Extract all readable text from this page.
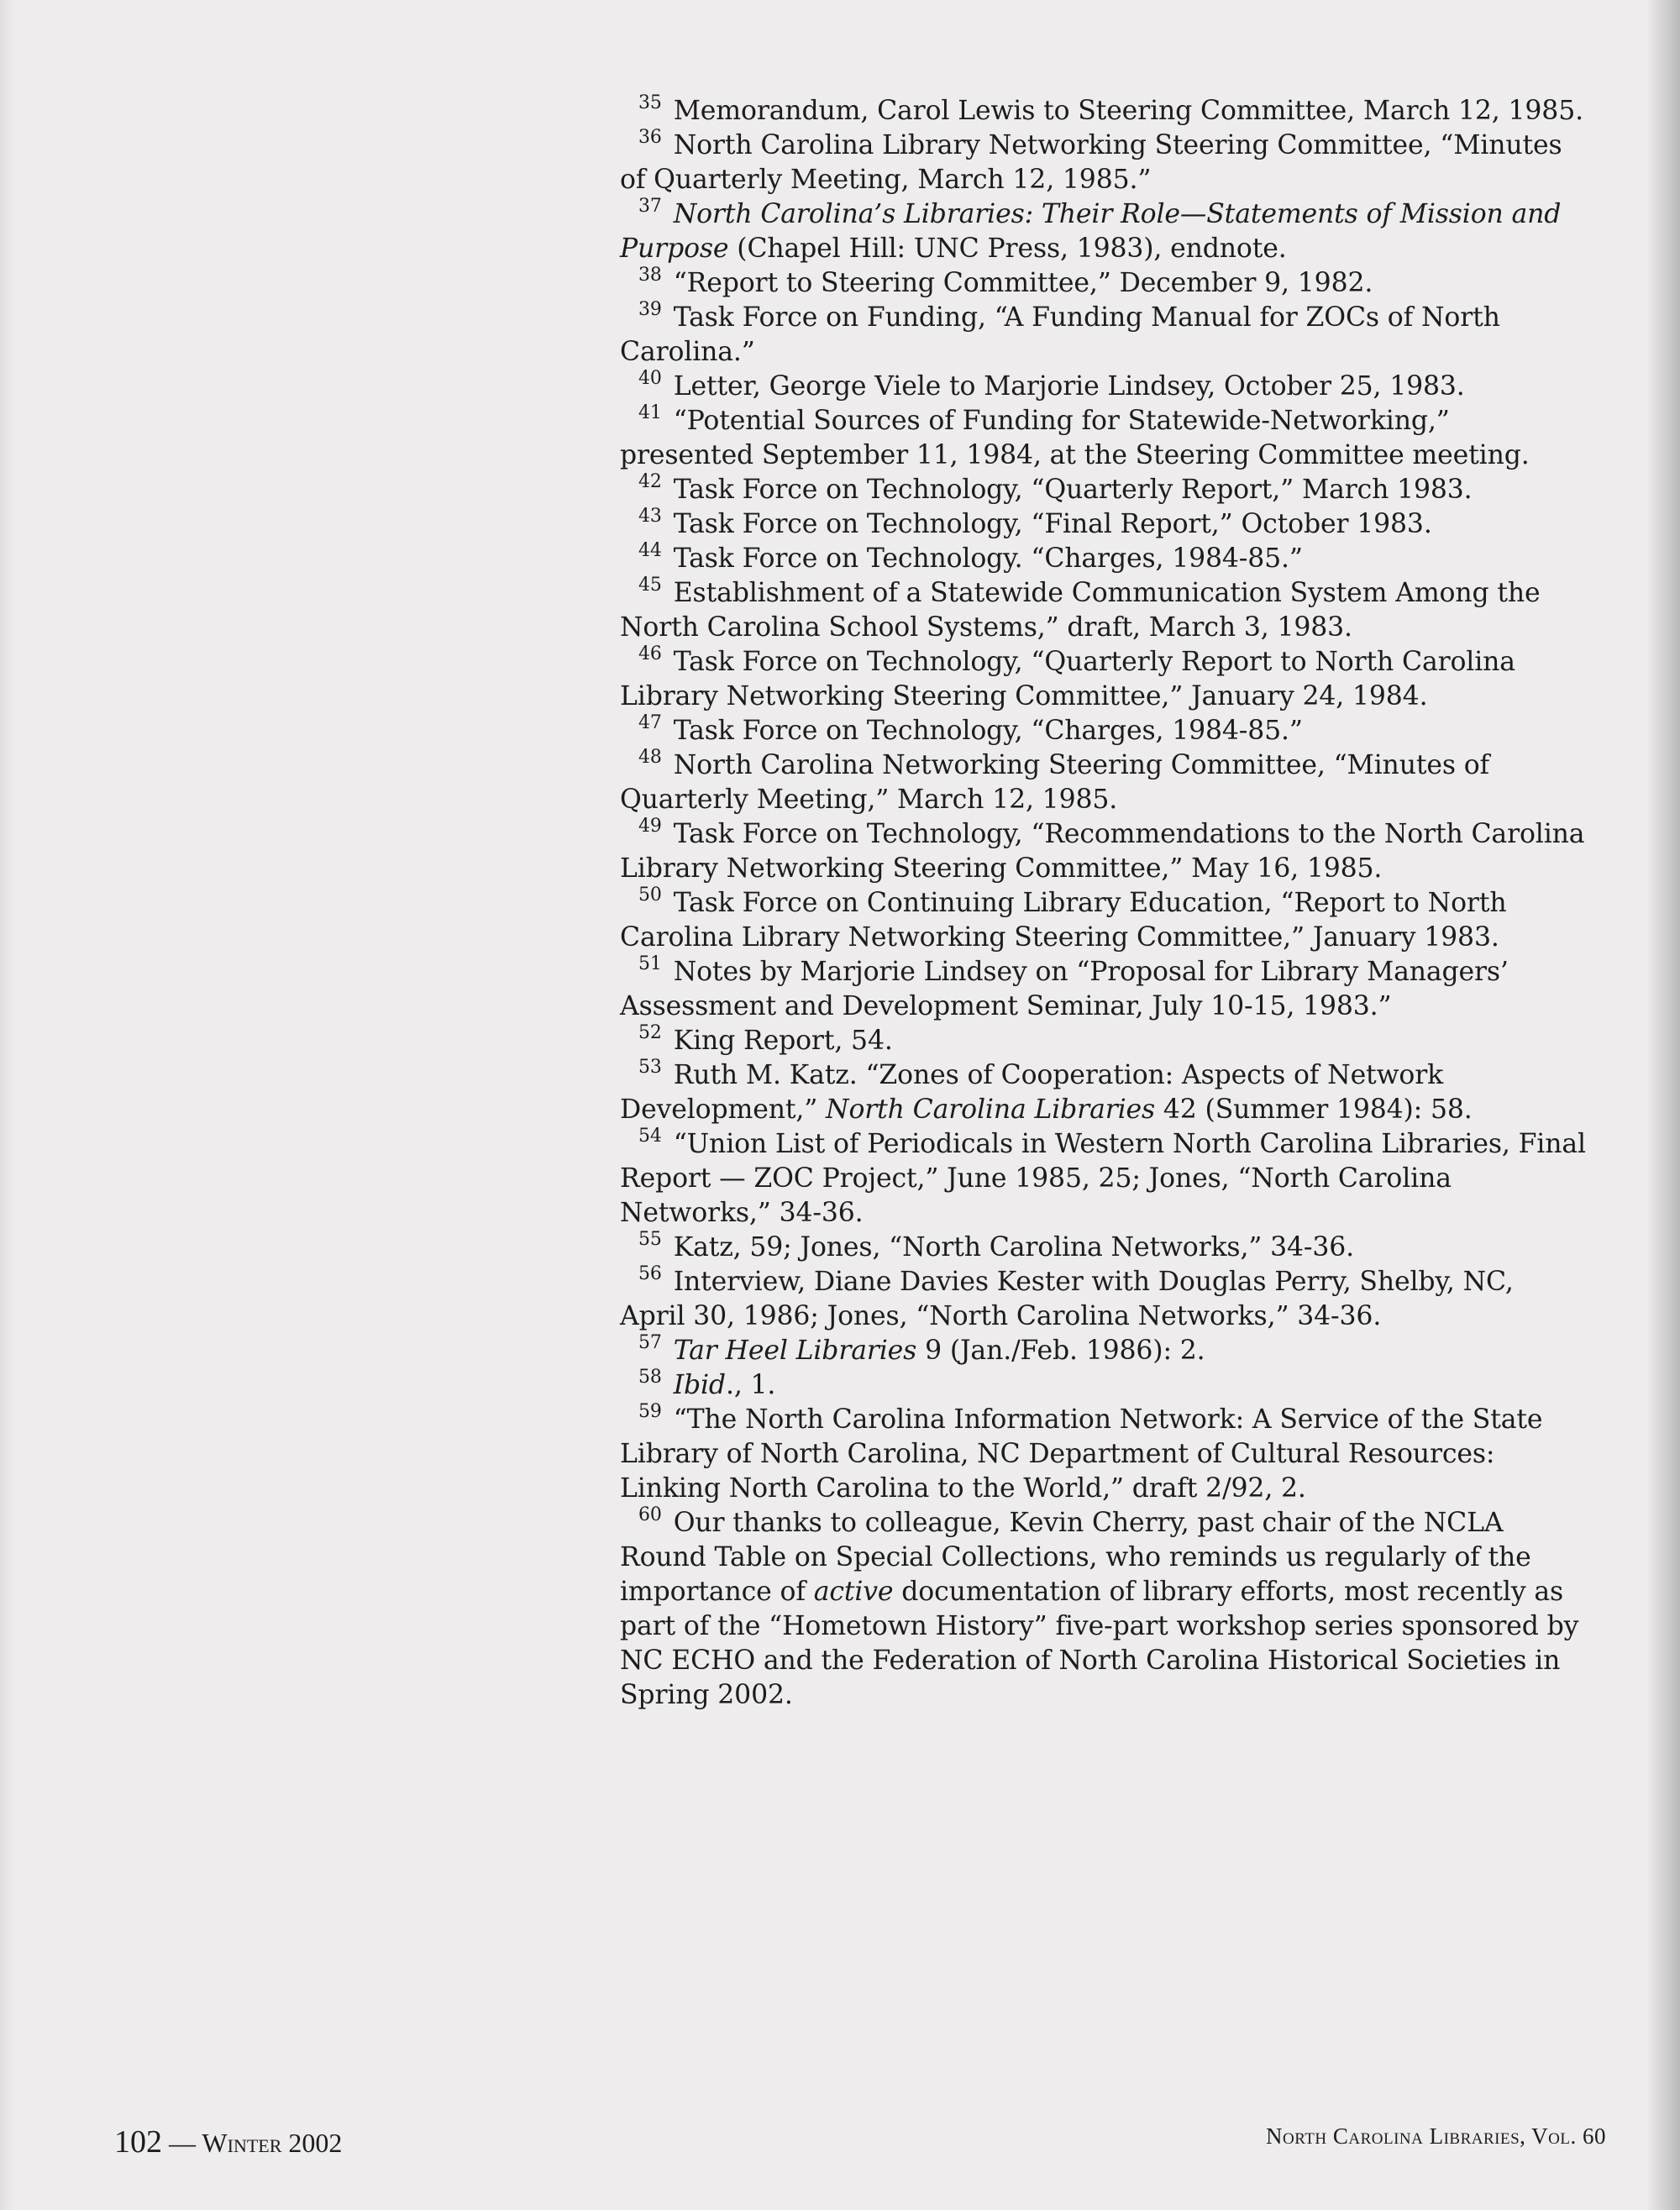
$^{35}$ Memorandum, Carol Lewis to Steering Committee, March 12, 1985.

$^{36}$ North Carolina Library Networking Steering Committee, “Minutes of Quarterly Meeting, March 12, 1985.”

$^{37}$ North Carolina’s Libraries: Their Role—Statements of Mission and Purpose (Chapel Hill: UNC Press, 1983), endnote.

$^{38}$ “Report to Steering Committee,” December 9, 1982.

$^{39}$ Task Force on Funding, “A Funding Manual for ZOCs of North Carolina.”

$^{40}$ Letter, George Viele to Marjorie Lindsey, October 25, 1983.

$^{41}$ “Potential Sources of Funding for Statewide-Networking,” presented September 11, 1984, at the Steering Committee meeting.

$^{42}$ Task Force on Technology, “Quarterly Report,” March 1983.

$^{43}$ Task Force on Technology, “Final Report,” October 1983.

$^{44}$ Task Force on Technology. “Charges, 1984-85.”

$^{45}$ Establishment of a Statewide Communication System Among the North Carolina School Systems,” draft, March 3, 1983.

$^{46}$ Task Force on Technology, “Quarterly Report to North Carolina Library Networking Steering Committee,” January 24, 1984.

$^{47}$ Task Force on Technology, “Charges, 1984-85.”

$^{48}$ North Carolina Networking Steering Committee, “Minutes of Quarterly Meeting,” March 12, 1985.

$^{49}$ Task Force on Technology, “Recommendations to the North Carolina Library Networking Steering Committee,” May 16, 1985.

$^{50}$ Task Force on Continuing Library Education, “Report to North Carolina Library Networking Steering Committee,” January 1983.

$^{51}$ Notes by Marjorie Lindsey on “Proposal for Library Managers’ Assessment and Development Seminar, July 10-15, 1983.”

$^{52}$ King Report, 54.

$^{53}$ Ruth M. Katz. “Zones of Cooperation: Aspects of Network Development,” North Carolina Libraries 42 (Summer 1984): 58.

$^{54}$ “Union List of Periodicals in Western North Carolina Libraries, Final Report — ZOC Project,” June 1985, 25; Jones, “North Carolina Networks,” 34-36.

$^{55}$ Katz, 59; Jones, “North Carolina Networks,” 34-36.

$^{56}$ Interview, Diane Davies Kester with Douglas Perry, Shelby, NC, April 30, 1986; Jones, “North Carolina Networks,” 34-36.

$^{57}$ Tar Heel Libraries 9 (Jan./Feb. 1986): 2.

$^{58}$ Ibid., 1.

$^{59}$ “The North Carolina Information Network: A Service of the State Library of North Carolina, NC Department of Cultural Resources: Linking North Carolina to the World,” draft 2/92, 2.

$^{60}$ Our thanks to colleague, Kevin Cherry, past chair of the NCLA Round Table on Special Collections, who reminds us regularly of the importance of active documentation of library efforts, most recently as part of the “Hometown History” five-part workshop series sponsored by NC ECHO and the Federation of North Carolina Historical Societies in Spring 2002.

102 — Winter 2002	North Carolina Libraries, Vol. 60
